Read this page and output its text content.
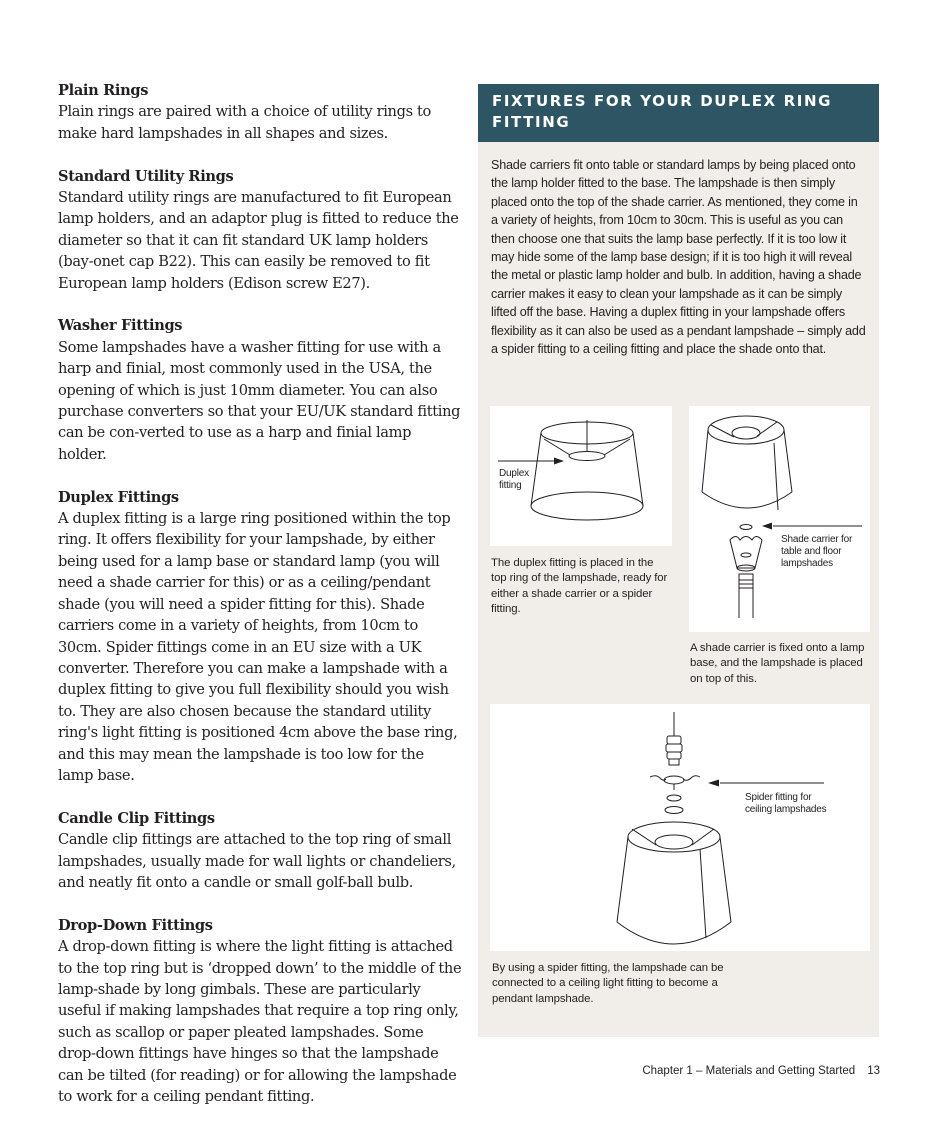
Plain Rings

Plain rings are paired with a choice of utility rings to make hard lampshades in all shapes and sizes.

Standard Utility Rings

Standard utility rings are manufactured to fit European lamp holders, and an adaptor plug is fitted to reduce the diameter so that it can fit standard UK lamp holders (bay-onet cap B22). This can easily be removed to fit European lamp holders (Edison screw E27).

Washer Fittings

Some lampshades have a washer fitting for use with a harp and finial, most commonly used in the USA, the opening of which is just 10mm diameter. You can also purchase converters so that your EU/UK standard fitting can be con-verted to use as a harp and finial lamp holder.

Duplex Fittings

A duplex fitting is a large ring positioned within the top ring. It offers flexibility for your lampshade, by either being used for a lamp base or standard lamp (you will need a shade carrier for this) or as a ceiling/pendant shade (you will need a spider fitting for this). Shade carriers come in a variety of heights, from 10cm to 30cm. Spider fittings come in an EU size with a UK converter. Therefore you can make a lampshade with a duplex fitting to give you full flexibility should you wish to. They are also chosen because the standard utility ring's light fitting is positioned 4cm above the base ring, and this may mean the lampshade is too low for the lamp base.

Candle Clip Fittings

Candle clip fittings are attached to the top ring of small lampshades, usually made for wall lights or chandeliers, and neatly fit onto a candle or small golf-ball bulb.

Drop-Down Fittings

A drop-down fitting is where the light fitting is attached to the top ring but is ‘dropped down’ to the middle of the lamp-shade by long gimbals. These are particularly useful if making lampshades that require a top ring only, such as scallop or paper pleated lampshades. Some drop-down fittings have hinges so that the lampshade can be tilted (for reading) or for allowing the lampshade to work for a ceiling pendant fitting.

FIXTURES FOR YOUR DUPLEX RING FITTING
Shade carriers fit onto table or standard lamps by being placed onto the lamp holder fitted to the base. The lampshade is then simply placed onto the top of the shade carrier. As mentioned, they come in a variety of heights, from 10cm to 30cm. This is useful as you can then choose one that suits the lamp base perfectly. If it is too low it may hide some of the lamp base design; if it is too high it will reveal the metal or plastic lamp holder and bulb. In addition, having a shade carrier makes it easy to clean your lampshade as it can be simply lifted off the base. Having a duplex fitting in your lampshade offers flexibility as it can also be used as a pendant lampshade – simply add a spider fitting to a ceiling fitting and place the shade onto that.
Duplex
fitting
The duplex fitting is placed in the top ring of the lampshade, ready for either a shade carrier or a spider fitting.
Shade carrier for
table and floor
lampshades
A shade carrier is fixed onto a lamp base, and the lampshade is placed on top of this.
Spider fitting for
ceiling lampshades
By using a spider fitting, the lampshade can be connected to a ceiling light fitting to become a pendant lampshade.
Chapter 1 – Materials and Getting Started 13
